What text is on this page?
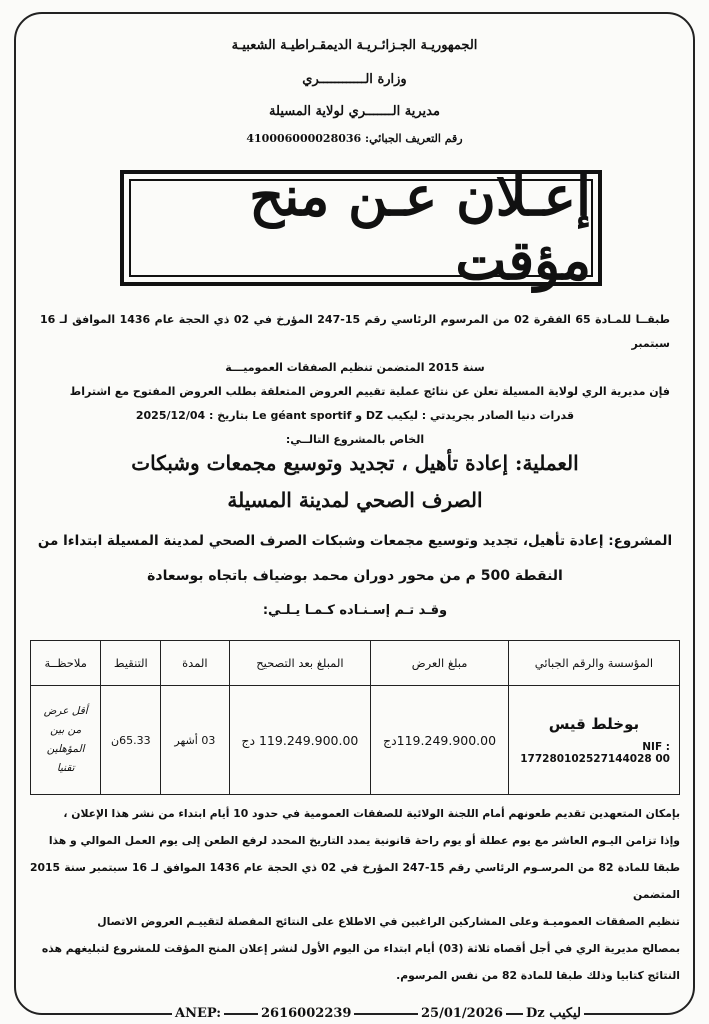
الجمهوريـة الجـزائـريـة الديمقـراطيـة الشعبيـة
وزارة الــــــــــــري
مديرية الـــــــري لولاية المسيلة
رقم التعريف الجبائي: 410006000028036
إعـلان عـن منح مؤقت

طبقــا للمـادة 65 الفقرة 02 من المرسوم الرئاسي رقم 15-247 المؤرخ في 02 ذي الحجة عام 1436 الموافق لـ 16 سبتمبر

سنة 2015 المتضمن تنظيم الصفقات العموميـــة

فإن مديرية الري لولاية المسيلة تعلن عن نتائج عملية تقييم العروض المتعلقة بطلب العروض المفتوح مع اشتراط

قدرات دنيا الصادر بجريدتي : ليكيب DZ و Le géant sportif بتاريخ : 2025/12/04

الخاص بالمشروع التالــي:

العملية: إعادة تأهيل ، تجديد وتوسيع مجمعات وشبكات
الصرف الصحي لمدينة المسيلة
المشروع: إعادة تأهيل، تجديد وتوسيع مجمعات وشبكات الصرف الصحي لمدينة المسيلة ابتداءا من
النقطة 500 م من محور دوران محمد بوضياف باتجاه بوسعادة
وقـد تـم إسـنـاده كـمـا يـلـي:
المؤسسة والرقم الجبائي	مبلغ العرض	المبلغ بعد التصحيح	المدة	التنقيط	ملاحظــة

بوخلط قيس
NIF :
177280102527144028 00	119.249.900.00دج	119.249.900.00 دج	03 أشهر	65.33ن	أقل عرض من بين المؤهلين تقنيا

بإمكان المتعهدين تقديم طعونهم أمام اللجنة الولائية للصفقات العمومية في حدود 10 أيام ابتداء من نشر هذا الإعلان ،

وإذا تزامن اليـوم العاشر مع يوم عطلة أو يوم راحة قانونية يمدد التاريخ المحدد لرفع الطعن إلى يوم العمل الموالي و هذا

طبقا للمادة 82 من المرسـوم الرئاسي رقم 15-247 المؤرخ في 02 ذي الحجة عام 1436 الموافق لـ 16 سبتمبر سنة 2015 المتضمن

تنظيم الصفقات العموميـة وعلى المشاركين الراغبين في الاطلاع على النتائج المفصلة لتقييـم العروض الاتصال

بمصالح مديرية الري في أجل أقصاه ثلاثة (03) أيام ابتداء من اليوم الأول لنشر إعلان المنح المؤقت للمشروع لتبليغهم هذه

النتائج كتابيا وذلك طبقا للمادة 82 من نفس المرسوم.

ANEP:	2616002239	25/01/2026 Dz ليكيب
